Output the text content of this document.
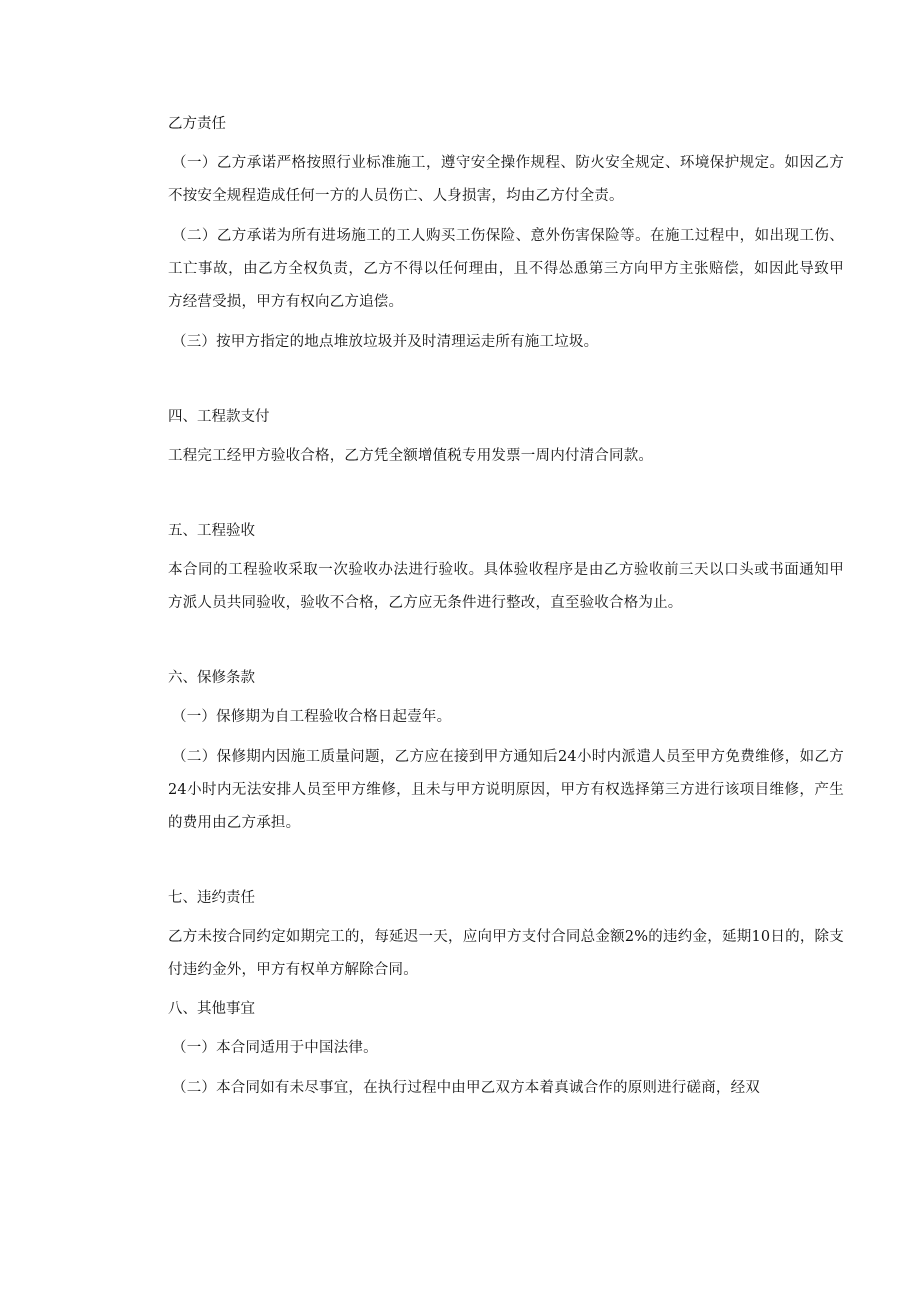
乙方责任

（一）乙方承诺严格按照行业标准施工，遵守安全操作规程、防火安全规定、环境保护规定。如因乙方不按安全规程造成任何一方的人员伤亡、人身损害，均由乙方付全责。

（二）乙方承诺为所有进场施工的工人购买工伤保险、意外伤害保险等。在施工过程中，如出现工伤、工亡事故，由乙方全权负责，乙方不得以任何理由，且不得怂恿第三方向甲方主张赔偿，如因此导致甲方经营受损，甲方有权向乙方追偿。

（三）按甲方指定的地点堆放垃圾并及时清理运走所有施工垃圾。

四、工程款支付

工程完工经甲方验收合格，乙方凭全额增值税专用发票一周内付清合同款。

五、工程验收

本合同的工程验收采取一次验收办法进行验收。具体验收程序是由乙方验收前三天以口头或书面通知甲方派人员共同验收，验收不合格，乙方应无条件进行整改，直至验收合格为止。

六、保修条款

（一）保修期为自工程验收合格日起壹年。

（二）保修期内因施工质量问题，乙方应在接到甲方通知后24小时内派遣人员至甲方免费维修，如乙方24小时内无法安排人员至甲方维修，且未与甲方说明原因，甲方有权选择第三方进行该项目维修，产生的费用由乙方承担。

七、违约责任

乙方未按合同约定如期完工的，每延迟一天，应向甲方支付合同总金额2%的违约金，延期10日的，除支付违约金外，甲方有权单方解除合同。

八、其他事宜

（一）本合同适用于中国法律。

（二）本合同如有未尽事宜，在执行过程中由甲乙双方本着真诚合作的原则进行磋商，经双
